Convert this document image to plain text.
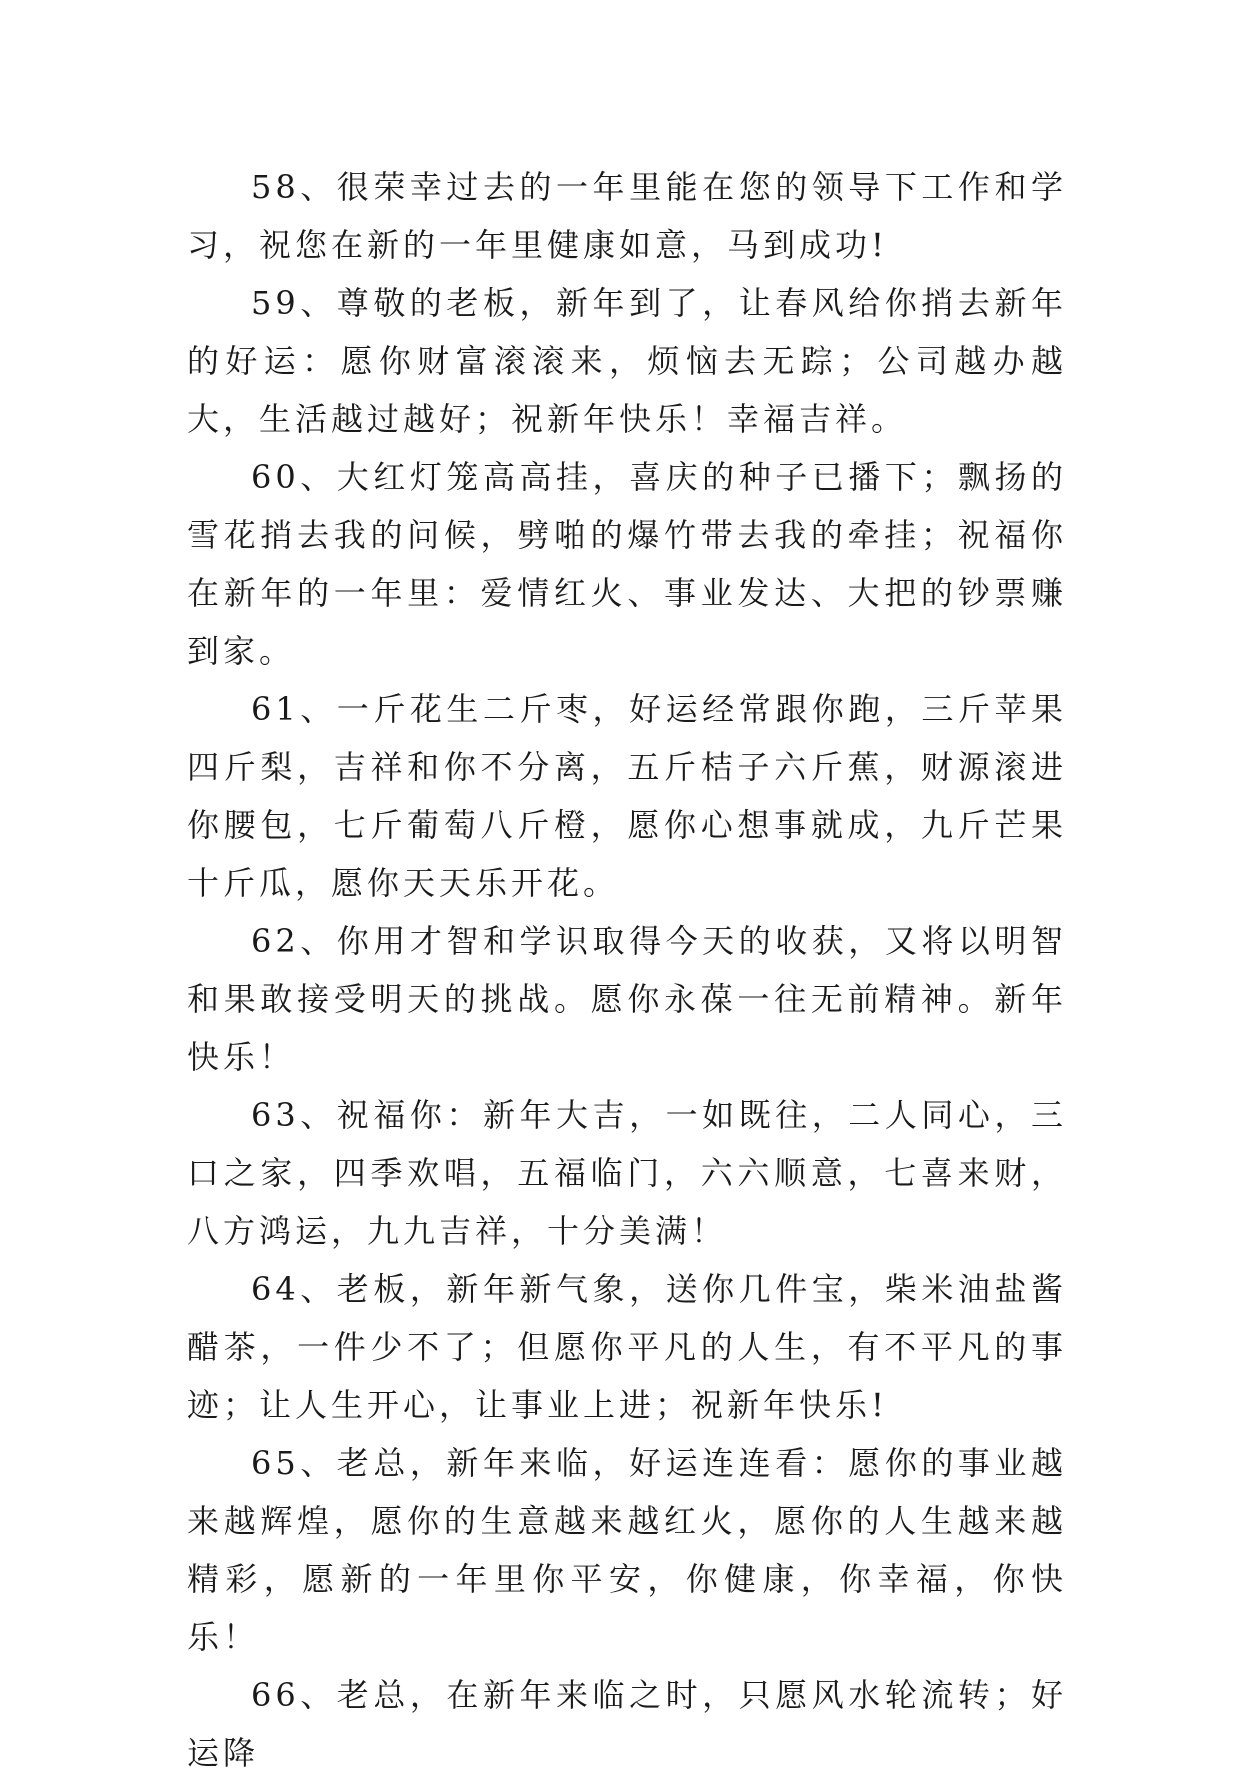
58、很荣幸过去的一年里能在您的领导下工作和学习，祝您在新的一年里健康如意，马到成功!

59、尊敬的老板，新年到了，让春风给你捎去新年的好运：愿你财富滚滚来，烦恼去无踪；公司越办越大，生活越过越好；祝新年快乐！幸福吉祥。

60、大红灯笼高高挂，喜庆的种子已播下；飘扬的雪花捎去我的问候，劈啪的爆竹带去我的牵挂；祝福你在新年的一年里：爱情红火、事业发达、大把的钞票赚到家。

61、一斤花生二斤枣，好运经常跟你跑，三斤苹果四斤梨，吉祥和你不分离，五斤桔子六斤蕉，财源滚进你腰包，七斤葡萄八斤橙，愿你心想事就成，九斤芒果十斤瓜，愿你天天乐开花。

62、你用才智和学识取得今天的收获，又将以明智和果敢接受明天的挑战。愿你永葆一往无前精神。新年快乐！

63、祝福你：新年大吉，一如既往，二人同心，三口之家，四季欢唱，五福临门，六六顺意，七喜来财，八方鸿运，九九吉祥，十分美满！

64、老板，新年新气象，送你几件宝，柴米油盐酱醋茶，一件少不了；但愿你平凡的人生，有不平凡的事迹；让人生开心，让事业上进；祝新年快乐!

65、老总，新年来临，好运连连看：愿你的事业越来越辉煌，愿你的生意越来越红火，愿你的人生越来越精彩，愿新的一年里你平安，你健康，你幸福，你快乐！

66、老总，在新年来临之时，只愿风水轮流转；好运降
